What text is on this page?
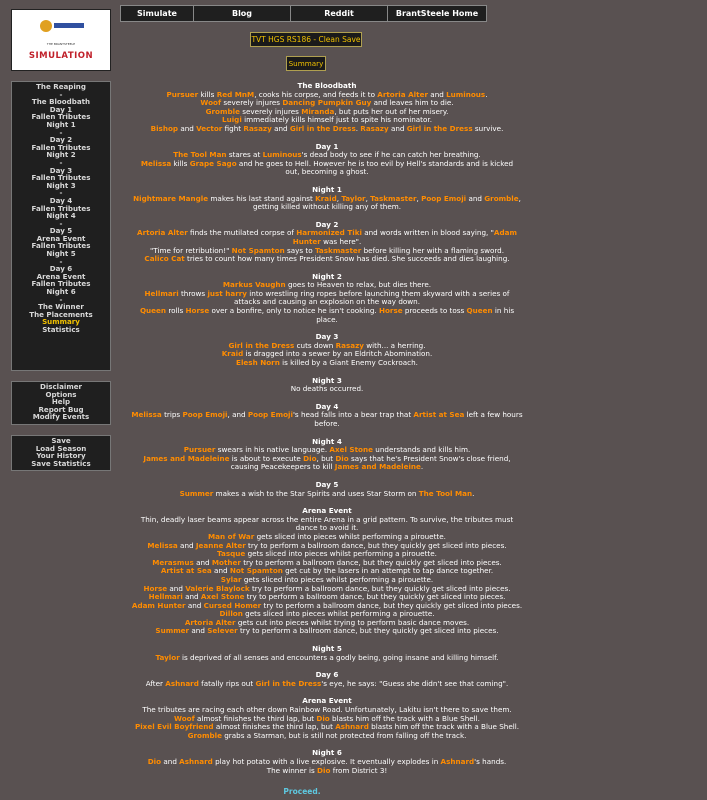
THE BRANTSTEELE
SIMULATION
Simulate	Blog	Reddit	BrantSteele Home
TVT HGS RS186 - Clean Save
Summary
The Reaping
-
The Bloodbath
Day 1
Fallen Tributes
Night 1
-
Day 2
Fallen Tributes
Night 2
-
Day 3
Fallen Tributes
Night 3
-
Day 4
Fallen Tributes
Night 4
-
Day 5
Arena Event
Fallen Tributes
Night 5
-
Day 6
Arena Event
Fallen Tributes
Night 6
-
The Winner
The Placements
Summary
Statistics
Disclaimer
Options
Help
Report Bug
Modify Events
Save
Load Season
Your History
Save Statistics
The Bloodbath
Pursuer kills Red MnM, cooks his corpse, and feeds it to Artoria Alter and Luminous.
Woof severely injures Dancing Pumpkin Guy and leaves him to die.
Gromble severely injures Miranda, but puts her out of her misery.
Luigi immediately kills himself just to spite his nominator.
Bishop and Vector fight Rasazy and Girl in the Dress. Rasazy and Girl in the Dress survive.
Day 1
The Tool Man stares at Luminous's dead body to see if he can catch her breathing.
Melissa kills Grape Sago and he goes to Hell. However he is too evil by Hell's standards and is kicked
out, becoming a ghost.
Night 1
Nightmare Mangle makes his last stand against Kraid, Taylor, Taskmaster, Poop Emoji and Gromble,
getting killed without killing any of them.
Day 2
Artoria Alter finds the mutilated corpse of Harmonized Tiki and words written in blood saying, "Adam
Hunter was here".
"Time for retribution!" Not Spamton says to Taskmaster before killing her with a flaming sword.
Calico Cat tries to count how many times President Snow has died. She succeeds and dies laughing.
Night 2
Markus Vaughn goes to Heaven to relax, but dies there.
Hellmari throws just harry into wrestling ring ropes before launching them skyward with a series of
attacks and causing an explosion on the way down.
Queen rolls Horse over a bonfire, only to notice he isn't cooking. Horse proceeds to toss Queen in his
place.
Day 3
Girl in the Dress cuts down Rasazy with... a herring.
Kraid is dragged into a sewer by an Eldritch Abomination.
Elesh Norn is killed by a Giant Enemy Cockroach.
Night 3
No deaths occurred.
Day 4
Melissa trips Poop Emoji, and Poop Emoji's head falls into a bear trap that Artist at Sea left a few hours
before.
Night 4
Pursuer swears in his native language. Axel Stone understands and kills him.
James and Madeleine is about to execute Dio, but Dio says that he's President Snow's close friend,
causing Peacekeepers to kill James and Madeleine.
Day 5
Summer makes a wish to the Star Spirits and uses Star Storm on The Tool Man.
Arena Event
Thin, deadly laser beams appear across the entire Arena in a grid pattern. To survive, the tributes must
dance to avoid it.
Man of War gets sliced into pieces whilst performing a pirouette.
Melissa and Jeanne Alter try to perform a ballroom dance, but they quickly get sliced into pieces.
Tasque gets sliced into pieces whilst performing a pirouette.
Merasmus and Mother try to perform a ballroom dance, but they quickly get sliced into pieces.
Artist at Sea and Not Spamton get cut by the lasers in an attempt to tap dance together.
Sylar gets sliced into pieces whilst performing a pirouette.
Horse and Valerie Blaylock try to perform a ballroom dance, but they quickly get sliced into pieces.
Hellmari and Axel Stone try to perform a ballroom dance, but they quickly get sliced into pieces.
Adam Hunter and Cursed Homer try to perform a ballroom dance, but they quickly get sliced into pieces.
Dillon gets sliced into pieces whilst performing a pirouette.
Artoria Alter gets cut into pieces whilst trying to perform basic dance moves.
Summer and Selever try to perform a ballroom dance, but they quickly get sliced into pieces.
Night 5
Taylor is deprived of all senses and encounters a godly being, going insane and killing himself.
Day 6
After Ashnard fatally rips out Girl in the Dress's eye, he says: "Guess she didn't see that coming".
Arena Event
The tributes are racing each other down Rainbow Road. Unfortunately, Lakitu isn't there to save them.
Woof almost finishes the third lap, but Dio blasts him off the track with a Blue Shell.
Pixel Evil Boyfriend almost finishes the third lap, but Ashnard blasts him off the track with a Blue Shell.
Gromble grabs a Starman, but is still not protected from falling off the track.
Night 6
Dio and Ashnard play hot potato with a live explosive. It eventually explodes in Ashnard's hands.
The winner is Dio from District 3!
Proceed.
